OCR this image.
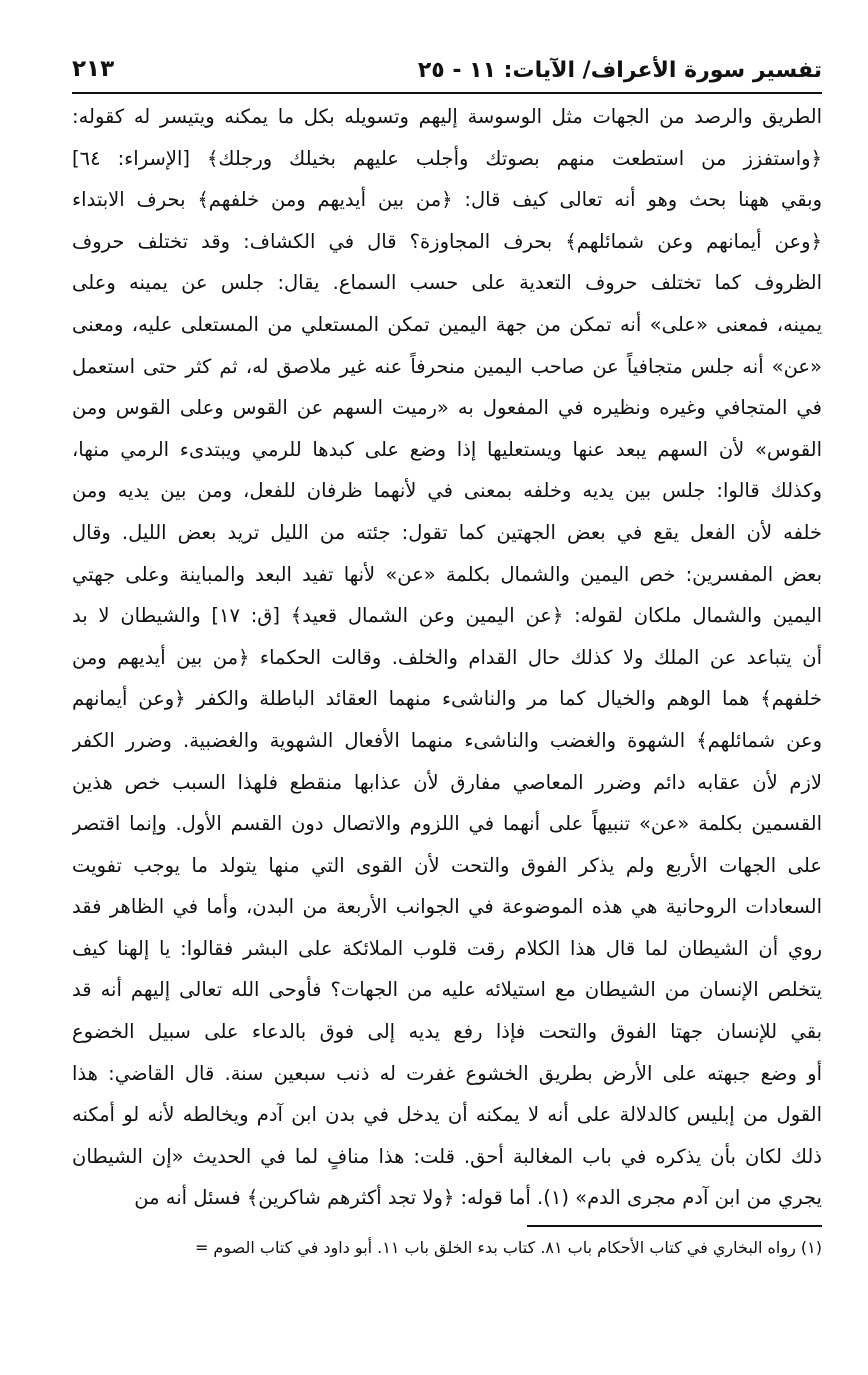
تفسير سورة الأعراف/ الآيات: ١١ - ٢٥
٢١٣
الطريق والرصد من الجهات مثل الوسوسة إليهم وتسويله بكل ما يمكنه ويتيسر له كقوله:
﴿واستفزز من استطعت منهم بصوتك وأجلب عليهم بخيلك ورجلك﴾ [الإسراء: ٦٤]
وبقي ههنا بحث وهو أنه تعالى كيف قال: ﴿من بين أيديهم ومن خلفهم﴾ بحرف الابتداء
﴿وعن أيمانهم وعن شمائلهم﴾ بحرف المجاوزة؟ قال في الكشاف: وقد تختلف حروف
الظروف كما تختلف حروف التعدية على حسب السماع. يقال: جلس عن يمينه وعلى
يمينه، فمعنى «على» أنه تمكن من جهة اليمين تمكن المستعلي من المستعلى عليه، ومعنى
«عن» أنه جلس متجافياً عن صاحب اليمين منحرفاً عنه غير ملاصق له، ثم كثر حتى استعمل
في المتجافي وغيره ونظيره في المفعول به «رميت السهم عن القوس وعلى القوس ومن
القوس» لأن السهم يبعد عنها ويستعليها إذا وضع على كبدها للرمي ويبتدىء الرمي منها،
وكذلك قالوا: جلس بين يديه وخلفه بمعنى في لأنهما ظرفان للفعل، ومن بين يديه ومن
خلفه لأن الفعل يقع في بعض الجهتين كما تقول: جئته من الليل تريد بعض الليل. وقال
بعض المفسرين: خص اليمين والشمال بكلمة «عن» لأنها تفيد البعد والمباينة وعلى جهتي
اليمين والشمال ملكان لقوله: ﴿عن اليمين وعن الشمال قعيد﴾ [ق: ١٧] والشيطان لا بد
أن يتباعد عن الملك ولا كذلك حال القدام والخلف. وقالت الحكماء ﴿من بين أيديهم ومن
خلفهم﴾ هما الوهم والخيال كما مر والناشىء منهما العقائد الباطلة والكفر ﴿وعن أيمانهم
وعن شمائلهم﴾ الشهوة والغضب والناشىء منهما الأفعال الشهوية والغضبية. وضرر الكفر
لازم لأن عقابه دائم وضرر المعاصي مفارق لأن عذابها منقطع فلهذا السبب خص هذين
القسمين بكلمة «عن» تنبيهاً على أنهما في اللزوم والاتصال دون القسم الأول. وإنما اقتصر
على الجهات الأربع ولم يذكر الفوق والتحت لأن القوى التي منها يتولد ما يوجب تفويت
السعادات الروحانية هي هذه الموضوعة في الجوانب الأربعة من البدن، وأما في الظاهر فقد
روي أن الشيطان لما قال هذا الكلام رقت قلوب الملائكة على البشر فقالوا: يا إلهنا كيف
يتخلص الإنسان من الشيطان مع استيلائه عليه من الجهات؟ فأوحى الله تعالى إليهم أنه قد
بقي للإنسان جهتا الفوق والتحت فإذا رفع يديه إلى فوق بالدعاء على سبيل الخضوع
أو وضع جبهته على الأرض بطريق الخشوع غفرت له ذنب سبعين سنة. قال القاضي: هذا
القول من إبليس كالدلالة على أنه لا يمكنه أن يدخل في بدن ابن آدم ويخالطه لأنه لو أمكنه
ذلك لكان بأن يذكره في باب المغالبة أحق. قلت: هذا منافٍ لما في الحديث «إن الشيطان
يجري من ابن آدم مجرى الدم» (١). أما قوله: ﴿ولا تجد أكثرهم شاكرين﴾ فسئل أنه من
(١) رواه البخاري في كتاب الأحكام باب ٨١. كتاب بدء الخلق باب ١١. أبو داود في كتاب الصوم =
